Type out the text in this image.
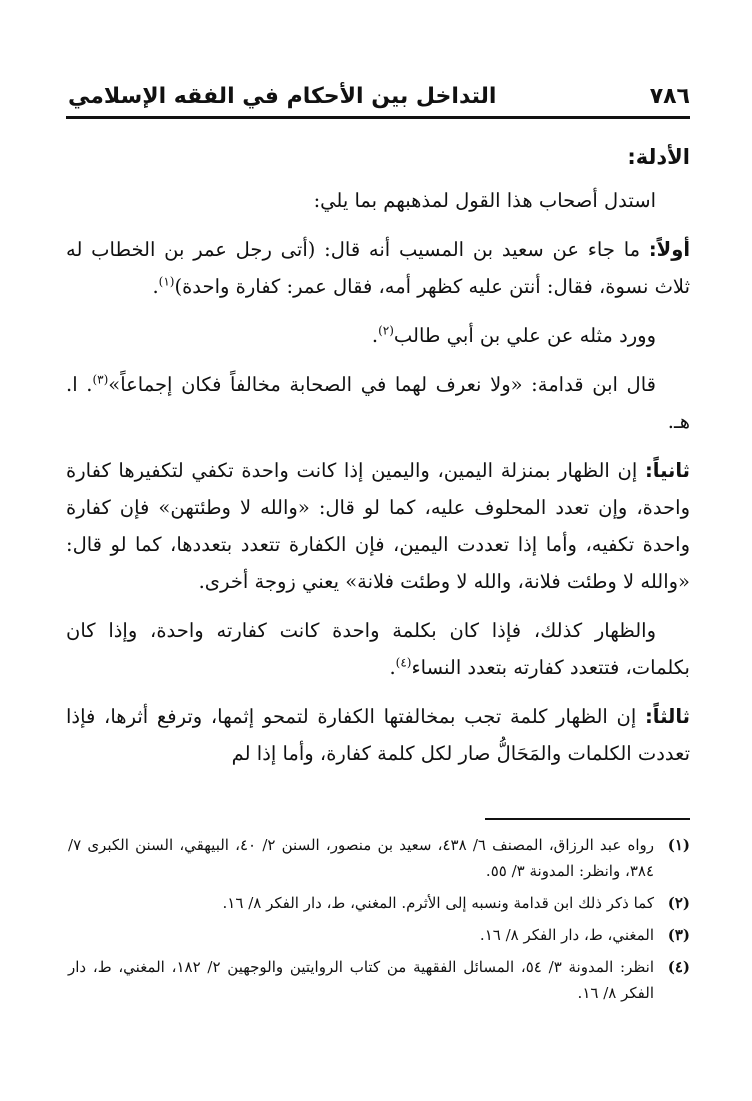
٧٨٦
التداخل بين الأحكام في الفقه الإسلامي
الأدلة:

استدل أصحاب هذا القول لمذهبهم بما يلي:

أولاً: ما جاء عن سعيد بن المسيب أنه قال: (أتى رجل عمر بن الخطاب له ثلاث نسوة، فقال: أنتن عليه كظهر أمه، فقال عمر: كفارة واحدة)$^{(١)}$.

وورد مثله عن علي بن أبي طالب$^{(٢)}$.

قال ابن قدامة: «ولا نعرف لهما في الصحابة مخالفاً فكان إجماعاً»$^{(٣)}$. ا. هـ.

ثانياً: إن الظهار بمنزلة اليمين، واليمين إذا كانت واحدة تكفي لتكفيرها كفارة واحدة، وإن تعدد المحلوف عليه، كما لو قال: «والله لا وطئتهن» فإن كفارة واحدة تكفيه، وأما إذا تعددت اليمين، فإن الكفارة تتعدد بتعددها، كما لو قال: «والله لا وطئت فلانة، والله لا وطئت فلانة» يعني زوجة أخرى.

والظهار كذلك، فإذا كان بكلمة واحدة كانت كفارته واحدة، وإذا كان بكلمات، فتتعدد كفارته بتعدد النساء$^{(٤)}$.

ثالثاً: إن الظهار كلمة تجب بمخالفتها الكفارة لتمحو إثمها، وترفع أثرها، فإذا تعددت الكلمات والمَحَالُّ صار لكل كلمة كفارة، وأما إذا لم

(١)
رواه عبد الرزاق، المصنف ٦/ ٤٣٨، سعيد بن منصور، السنن ٢/ ٤٠، البيهقي، السنن الكبرى ٧/ ٣٨٤، وانظر: المدونة ٣/ ٥٥.
(٢)
كما ذكر ذلك ابن قدامة ونسبه إلى الأثرم. المغني، ط، دار الفكر ٨/ ١٦.
(٣)
المغني، ط، دار الفكر ٨/ ١٦.
(٤)
انظر: المدونة ٣/ ٥٤، المسائل الفقهية من كتاب الروايتين والوجهين ٢/ ١٨٢، المغني، ط، دار الفكر ٨/ ١٦.
